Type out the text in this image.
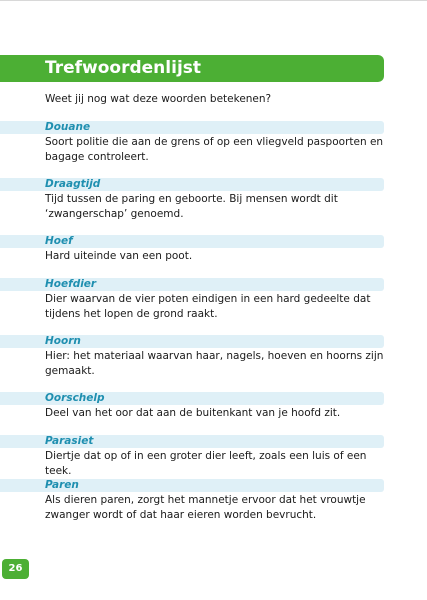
Trefwoordenlijst

Weet jij nog wat deze woorden betekenen?

Douane

Soort politie die aan de grens of op een vliegveld paspoorten en bagage controleert.

Draagtijd

Tijd tussen de paring en geboorte. Bij mensen wordt dit ‘zwangerschap’ genoemd.

Hoef

Hard uiteinde van een poot.

Hoefdier

Dier waarvan de vier poten eindigen in een hard gedeelte dat tijdens het lopen de grond raakt.

Hoorn

Hier: het materiaal waarvan haar, nagels, hoeven en hoorns zijn gemaakt.

Oorschelp

Deel van het oor dat aan de buitenkant van je hoofd zit.

Parasiet

Diertje dat op of in een groter dier leeft, zoals een luis of een teek.

Paren

Als dieren paren, zorgt het mannetje ervoor dat het vrouwtje zwanger wordt of dat haar eieren worden bevrucht.

26
